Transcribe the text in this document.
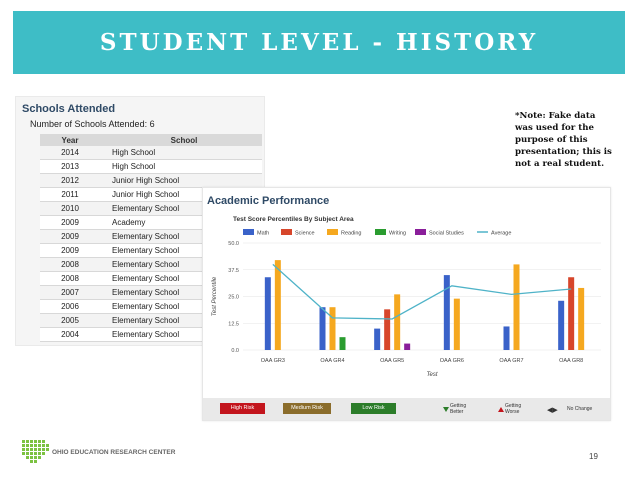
STUDENT LEVEL - HISTORY
Schools Attended
Number of Schools Attended: 6
Year	School
2014	High School
2013	High School
2012	Junior High School
2011	Junior High School
2010	Elementary School
2009	Academy
2009	Elementary School
2009	Elementary School
2008	Elementary School
2008	Elementary School
2007	Elementary School
2006	Elementary School
2005	Elementary School
2004	Elementary School
*Note: Fake data was used for the purpose of this presentation; this is not a real student.
Academic Performance
Test Score Percentiles By Subject Area
Math	Science	Reading	Writing	Social Studies	Average
0.0
12.5
25.0
37.5
50.0
Test Percentile
Test
OAA GR3	OAA GR4	OAA GR5	OAA GR6	OAA GR7	OAA GR8
High Risk	Medium Risk	Low Risk	Getting Better
Getting Worse	◀▶ No Change
OHIO EDUCATION RESEARCH CENTER	19
